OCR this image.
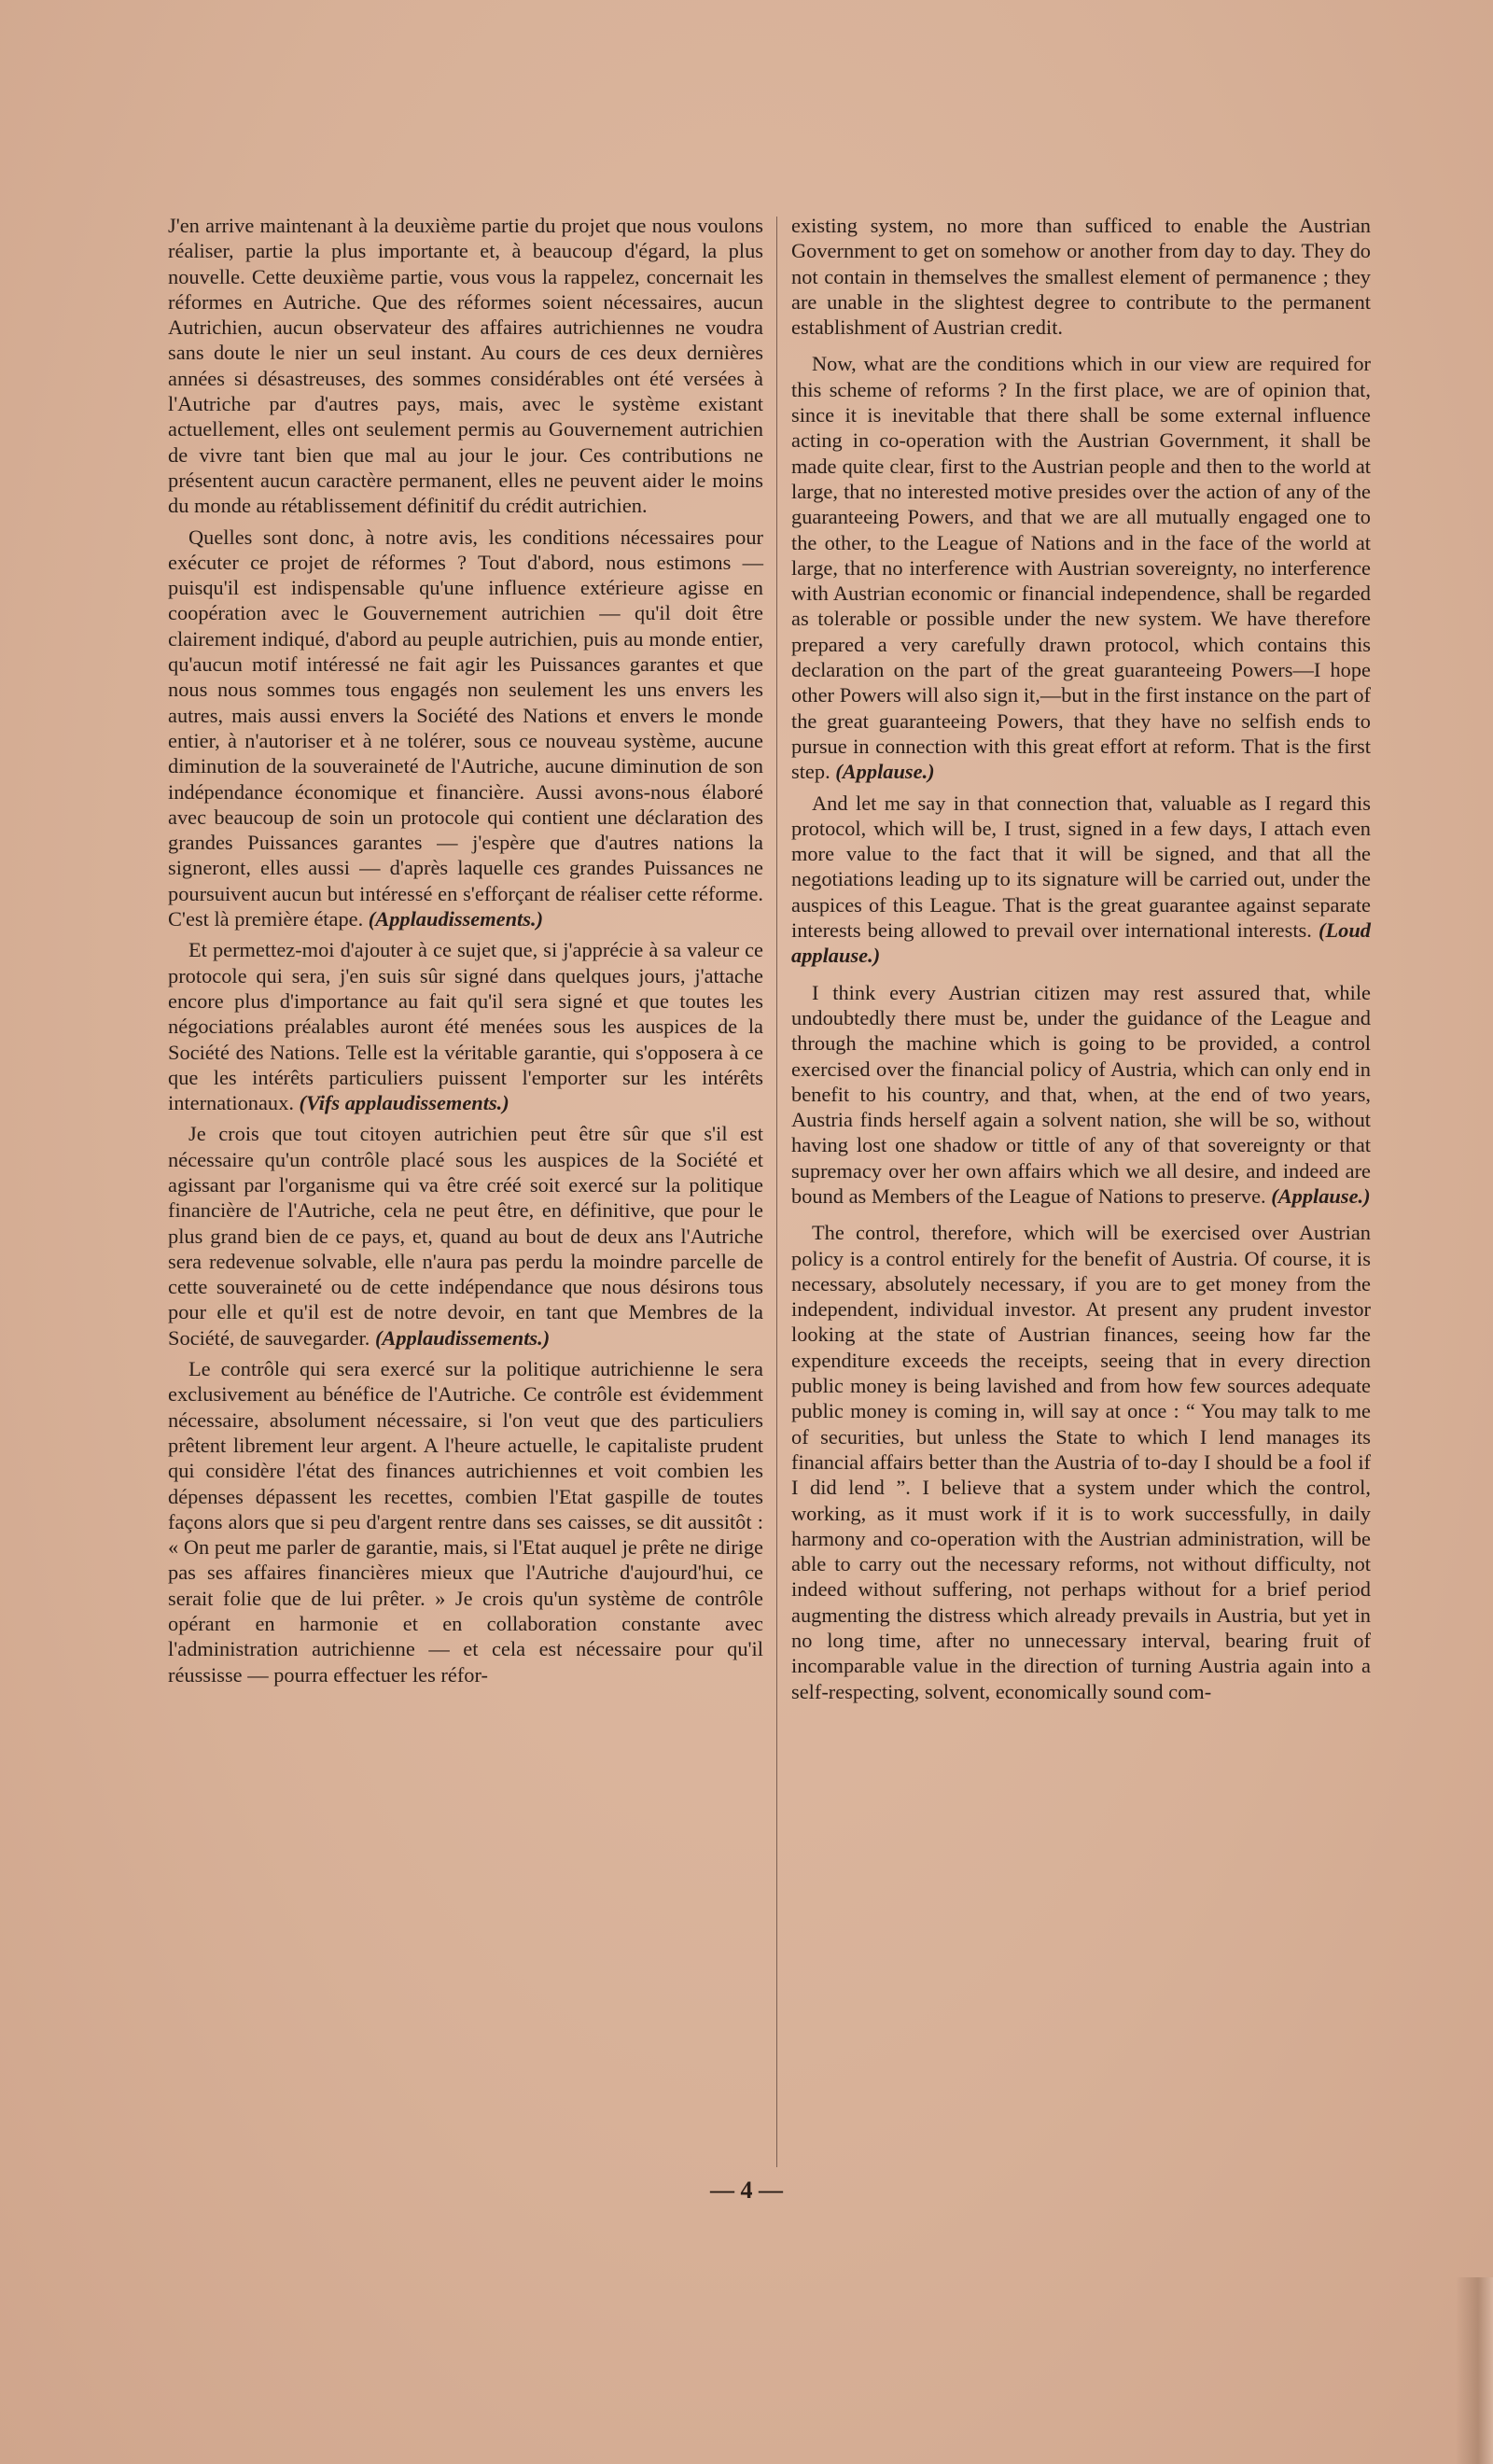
J'en arrive maintenant à la deuxième partie du projet que nous voulons réaliser, partie la plus importante et, à beaucoup d'égard, la plus nouvelle. Cette deuxième partie, vous vous la rappelez, concernait les réformes en Autriche. Que des réformes soient nécessaires, aucun Autrichien, aucun observateur des affaires autrichiennes ne voudra sans doute le nier un seul instant. Au cours de ces deux dernières années si désastreuses, des sommes considérables ont été versées à l'Autriche par d'autres pays, mais, avec le système existant actuellement, elles ont seulement permis au Gouvernement autrichien de vivre tant bien que mal au jour le jour. Ces contributions ne présentent aucun caractère permanent, elles ne peuvent aider le moins du monde au rétablissement définitif du crédit autrichien.

Quelles sont donc, à notre avis, les conditions nécessaires pour exécuter ce projet de réformes ? Tout d'abord, nous estimons — puisqu'il est indispensable qu'une influence extérieure agisse en coopération avec le Gouvernement autrichien — qu'il doit être clairement indiqué, d'abord au peuple autrichien, puis au monde entier, qu'aucun motif intéressé ne fait agir les Puissances garantes et que nous nous sommes tous engagés non seulement les uns envers les autres, mais aussi envers la Société des Nations et envers le monde entier, à n'autoriser et à ne tolérer, sous ce nouveau système, aucune diminution de la souveraineté de l'Autriche, aucune diminution de son indépendance économique et financière. Aussi avons-nous élaboré avec beaucoup de soin un protocole qui contient une déclaration des grandes Puissances garantes — j'espère que d'autres nations la signeront, elles aussi — d'après laquelle ces grandes Puissances ne poursuivent aucun but intéressé en s'efforçant de réaliser cette réforme. C'est là première étape. (Applaudissements.)

Et permettez-moi d'ajouter à ce sujet que, si j'apprécie à sa valeur ce protocole qui sera, j'en suis sûr signé dans quelques jours, j'attache encore plus d'importance au fait qu'il sera signé et que toutes les négociations préalables auront été menées sous les auspices de la Société des Nations. Telle est la véritable garantie, qui s'opposera à ce que les intérêts particuliers puissent l'emporter sur les intérêts internationaux. (Vifs applaudissements.)

Je crois que tout citoyen autrichien peut être sûr que s'il est nécessaire qu'un contrôle placé sous les auspices de la Société et agissant par l'organisme qui va être créé soit exercé sur la politique financière de l'Autriche, cela ne peut être, en définitive, que pour le plus grand bien de ce pays, et, quand au bout de deux ans l'Autriche sera redevenue solvable, elle n'aura pas perdu la moindre parcelle de cette souveraineté ou de cette indépendance que nous désirons tous pour elle et qu'il est de notre devoir, en tant que Membres de la Société, de sauvegarder. (Applaudissements.)

Le contrôle qui sera exercé sur la politique autrichienne le sera exclusivement au bénéfice de l'Autriche. Ce contrôle est évidemment nécessaire, absolument nécessaire, si l'on veut que des particuliers prêtent librement leur argent. A l'heure actuelle, le capitaliste prudent qui considère l'état des finances autrichiennes et voit combien les dépenses dépassent les recettes, combien l'Etat gaspille de toutes façons alors que si peu d'argent rentre dans ses caisses, se dit aussitôt : « On peut me parler de garantie, mais, si l'Etat auquel je prête ne dirige pas ses affaires financières mieux que l'Autriche d'aujourd'hui, ce serait folie que de lui prêter. » Je crois qu'un système de contrôle opérant en harmonie et en collaboration constante avec l'administration autrichienne — et cela est nécessaire pour qu'il réussisse — pourra effectuer les réfor-

existing system, no more than sufficed to enable the Austrian Government to get on somehow or another from day to day. They do not contain in themselves the smallest element of permanence ; they are unable in the slightest degree to contribute to the permanent establishment of Austrian credit.

Now, what are the conditions which in our view are required for this scheme of reforms ? In the first place, we are of opinion that, since it is inevitable that there shall be some external influence acting in co-operation with the Austrian Government, it shall be made quite clear, first to the Austrian people and then to the world at large, that no interested motive presides over the action of any of the guaranteeing Powers, and that we are all mutually engaged one to the other, to the League of Nations and in the face of the world at large, that no interference with Austrian sovereignty, no interference with Austrian economic or financial independence, shall be regarded as tolerable or possible under the new system. We have therefore prepared a very carefully drawn protocol, which contains this declaration on the part of the great guaranteeing Powers—I hope other Powers will also sign it,—but in the first instance on the part of the great guaranteeing Powers, that they have no selfish ends to pursue in connection with this great effort at reform. That is the first step. (Applause.)

And let me say in that connection that, valuable as I regard this protocol, which will be, I trust, signed in a few days, I attach even more value to the fact that it will be signed, and that all the negotiations leading up to its signature will be carried out, under the auspices of this League. That is the great guarantee against separate interests being allowed to prevail over international interests. (Loud applause.)

I think every Austrian citizen may rest assured that, while undoubtedly there must be, under the guidance of the League and through the machine which is going to be provided, a control exercised over the financial policy of Austria, which can only end in benefit to his country, and that, when, at the end of two years, Austria finds herself again a solvent nation, she will be so, without having lost one shadow or tittle of any of that sovereignty or that supremacy over her own affairs which we all desire, and indeed are bound as Members of the League of Nations to preserve. (Applause.)

The control, therefore, which will be exercised over Austrian policy is a control entirely for the benefit of Austria. Of course, it is necessary, absolutely necessary, if you are to get money from the independent, individual investor. At present any prudent investor looking at the state of Austrian finances, seeing how far the expenditure exceeds the receipts, seeing that in every direction public money is being lavished and from how few sources adequate public money is coming in, will say at once : “ You may talk to me of securities, but unless the State to which I lend manages its financial affairs better than the Austria of to-day I should be a fool if I did lend ”. I believe that a system under which the control, working, as it must work if it is to work successfully, in daily harmony and co-operation with the Austrian administration, will be able to carry out the necessary reforms, not without difficulty, not indeed without suffering, not perhaps without for a brief period augmenting the distress which already prevails in Austria, but yet in no long time, after no unnecessary interval, bearing fruit of incomparable value in the direction of turning Austria again into a self-respecting, solvent, economically sound com-

— 4 —
